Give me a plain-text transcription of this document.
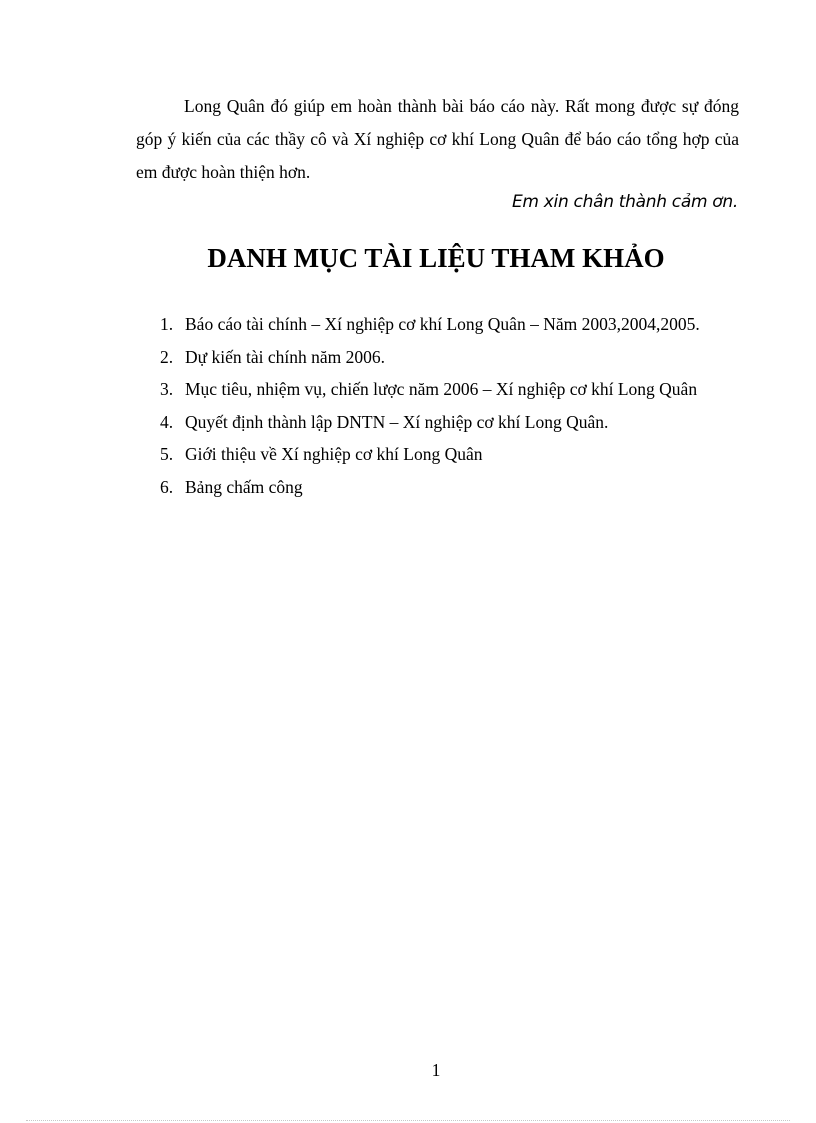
Long Quân đó giúp em hoàn thành bài báo cáo này. Rất mong được sự đóng góp ý kiến của các thầy cô và Xí nghiệp cơ khí Long Quân để báo cáo tổng hợp của em được hoàn thiện hơn.

Em xin chân thành cảm ơn.
DANH MỤC TÀI LIỆU THAM KHẢO
1. Báo cáo tài chính – Xí nghiệp cơ khí Long Quân – Năm 2003,2004,2005.
2. Dự kiến tài chính năm 2006.
3. Mục tiêu, nhiệm vụ, chiến lược năm 2006 – Xí nghiệp cơ khí Long Quân
4. Quyết định thành lập DNTN – Xí nghiệp cơ khí Long Quân.
5. Giới thiệu về Xí nghiệp cơ khí Long Quân
6. Bảng chấm công
1
